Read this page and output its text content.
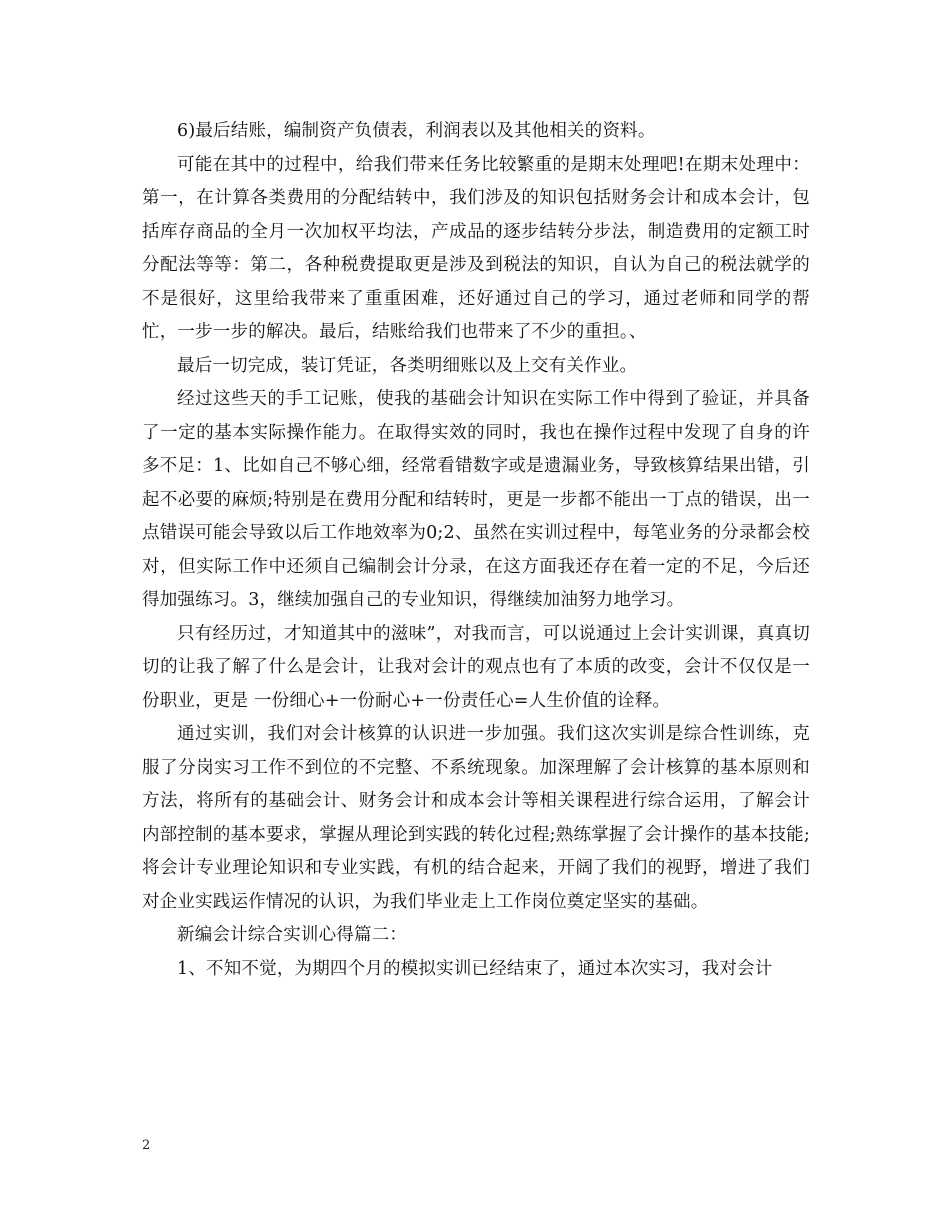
6)最后结账，编制资产负债表，利润表以及其他相关的资料。

可能在其中的过程中，给我们带来任务比较繁重的是期末处理吧!在期末处理中：第一，在计算各类费用的分配结转中，我们涉及的知识包括财务会计和成本会计，包括库存商品的全月一次加权平均法，产成品的逐步结转分步法，制造费用的定额工时分配法等等：第二，各种税费提取更是涉及到税法的知识，自认为自己的税法就学的不是很好，这里给我带来了重重困难，还好通过自己的学习，通过老师和同学的帮忙，一步一步的解决。最后，结账给我们也带来了不少的重担。、

最后一切完成，装订凭证，各类明细账以及上交有关作业。

经过这些天的手工记账，使我的基础会计知识在实际工作中得到了验证，并具备了一定的基本实际操作能力。在取得实效的同时，我也在操作过程中发现了自身的许多不足：1、比如自己不够心细，经常看错数字或是遗漏业务，导致核算结果出错，引起不必要的麻烦;特别是在费用分配和结转时，更是一步都不能出一丁点的错误，出一点错误可能会导致以后工作地效率为0;2、虽然在实训过程中，每笔业务的分录都会校对，但实际工作中还须自己编制会计分录，在这方面我还存在着一定的不足，今后还得加强练习。3，继续加强自己的专业知识，得继续加油努力地学习。

只有经历过，才知道其中的滋味”，对我而言，可以说通过上会计实训课，真真切切的让我了解了什么是会计，让我对会计的观点也有了本质的改变，会计不仅仅是一份职业，更是 一份细心+一份耐心+一份责任心=人生价值的诠释。

通过实训，我们对会计核算的认识进一步加强。我们这次实训是综合性训练，克服了分岗实习工作不到位的不完整、不系统现象。加深理解了会计核算的基本原则和方法，将所有的基础会计、财务会计和成本会计等相关课程进行综合运用，了解会计内部控制的基本要求，掌握从理论到实践的转化过程;熟练掌握了会计操作的基本技能;将会计专业理论知识和专业实践，有机的结合起来，开阔了我们的视野，增进了我们对企业实践运作情况的认识，为我们毕业走上工作岗位奠定坚实的基础。

新编会计综合实训心得篇二：

1、不知不觉，为期四个月的模拟实训已经结束了，通过本次实习，我对会计

2
